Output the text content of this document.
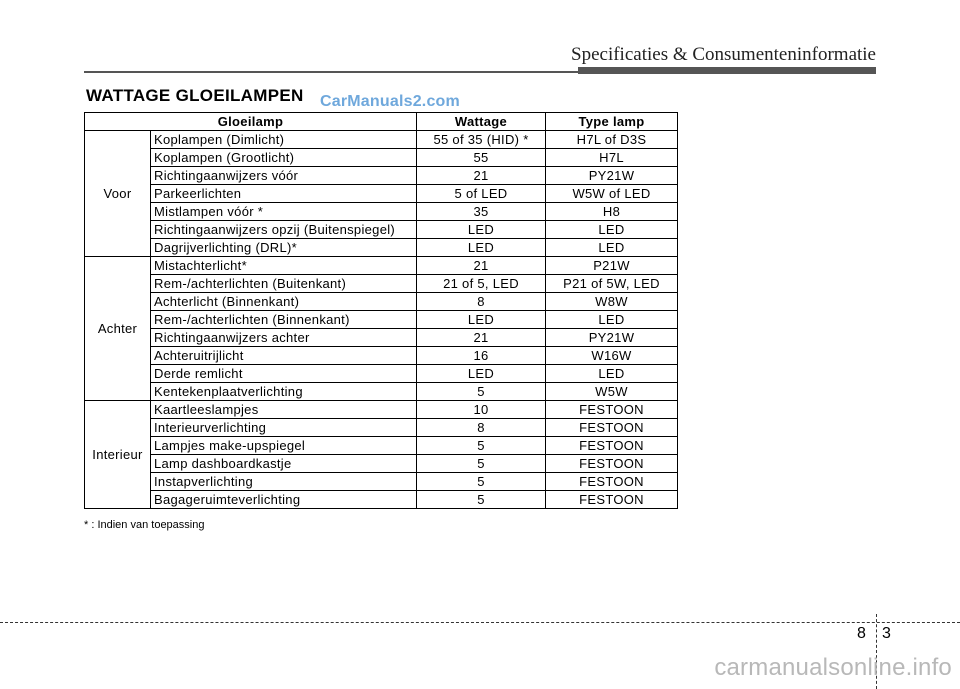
Specificaties & Consumenteninformatie
WATTAGE GLOEILAMPEN CarManuals2.com
Gloeilamp		Wattage	Type lamp
Voor	Koplampen (Dimlicht)	55 of 35 (HID) *	H7L of D3S
	Koplampen (Grootlicht)	55	H7L
	Richtingaanwijzers vóór	21	PY21W
	Parkeerlichten	5 of LED	W5W of LED
	Mistlampen vóór *	35	H8
	Richtingaanwijzers opzij (Buitenspiegel)	LED	LED
	Dagrijverlichting (DRL)*	LED	LED
Achter	Mistachterlicht*	21	P21W
	Rem-/achterlichten (Buitenkant)	21 of 5, LED	P21 of 5W, LED
	Achterlicht (Binnenkant)	8	W8W
	Rem-/achterlichten (Binnenkant)	LED	LED
	Richtingaanwijzers achter	21	PY21W
	Achteruitrijlicht	16	W16W
	Derde remlicht	LED	LED
	Kentekenplaatverlichting	5	W5W
Interieur	Kaartleeslampjes	10	FESTOON
	Interieurverlichting	8	FESTOON
	Lampjes make-upspiegel	5	FESTOON
	Lamp dashboardkastje	5	FESTOON
	Instapverlichting	5	FESTOON
	Bagageruimteverlichting	5	FESTOON
* : Indien van toepassing
8 3
carmanualsonline.info
